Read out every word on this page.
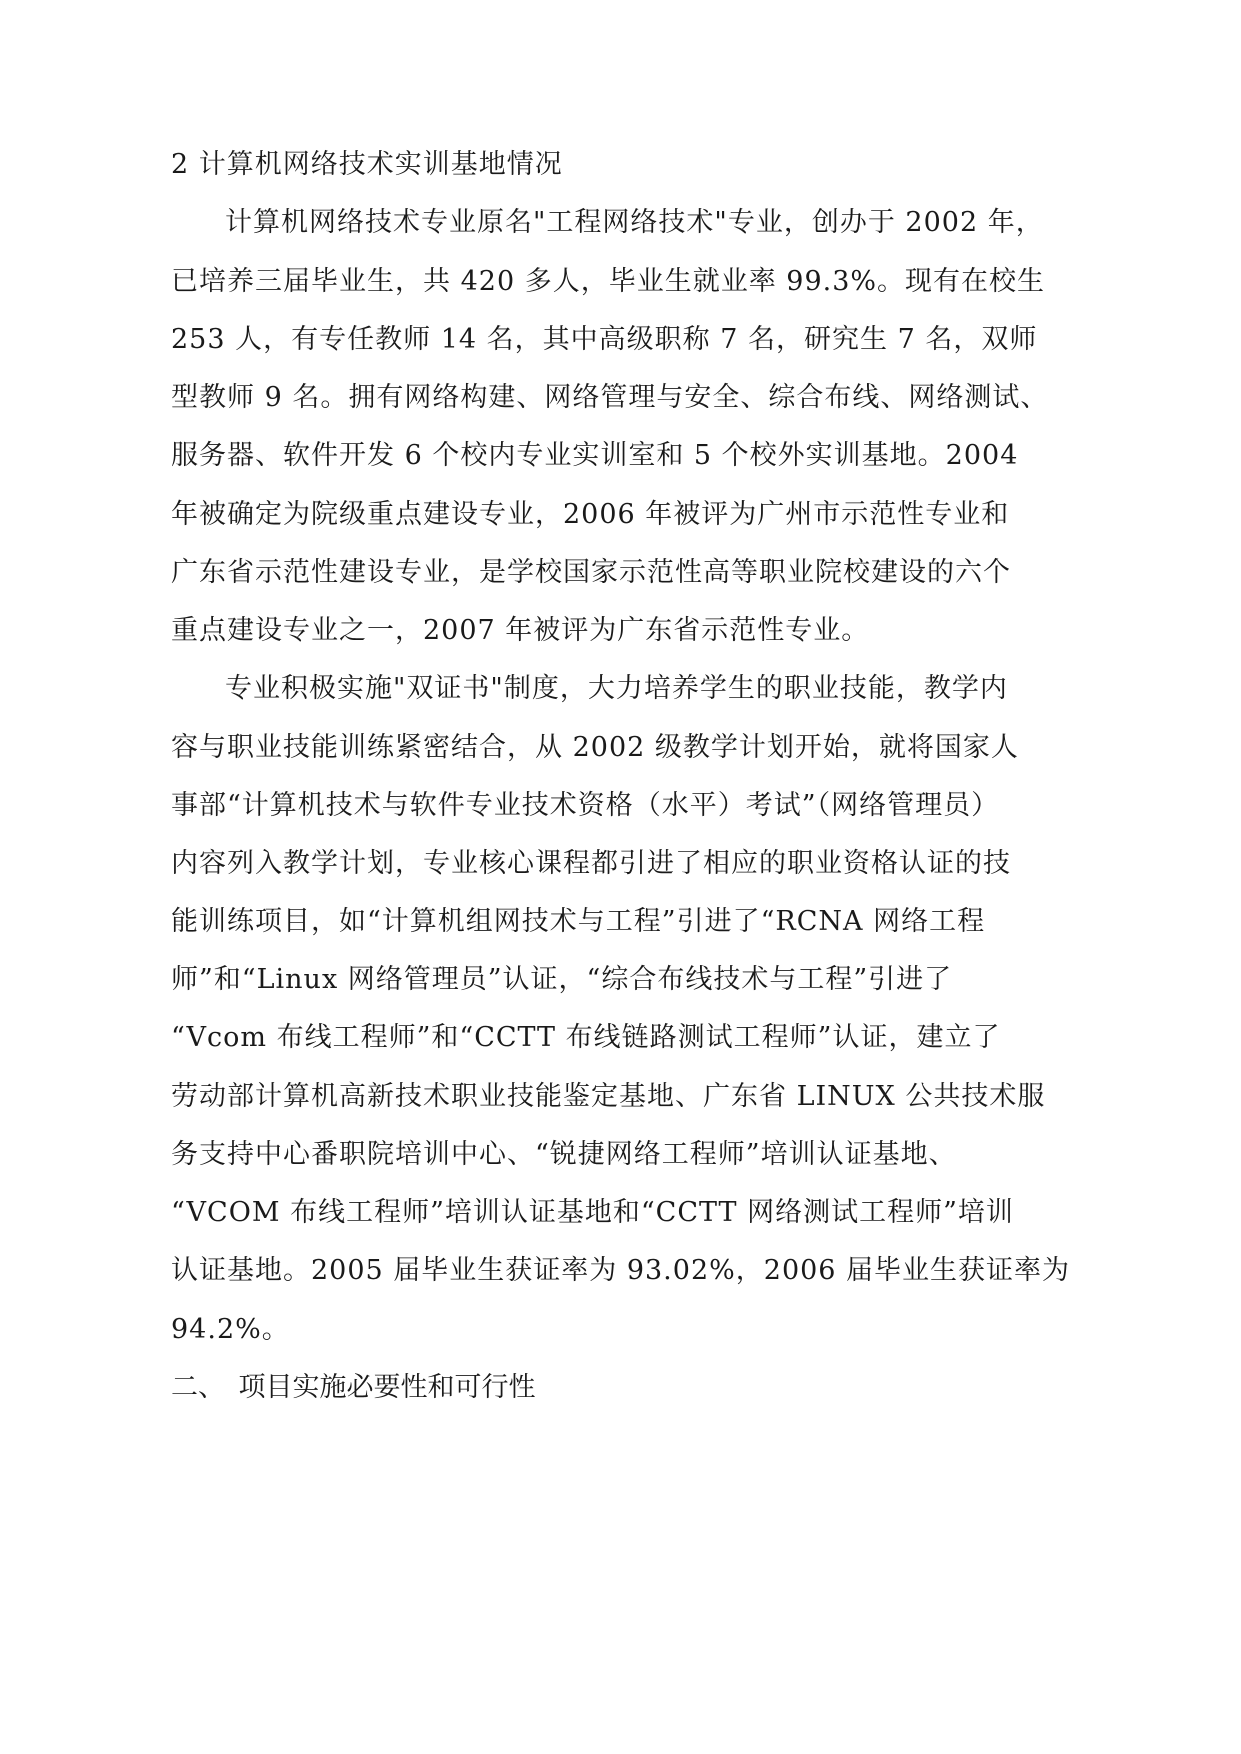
2 计算机网络技术实训基地情况
计算机网络技术专业原名"工程网络技术"专业，创办于 2002 年，
已培养三届毕业生，共 420 多人，毕业生就业率 99.3%。现有在校生
253 人，有专任教师 14 名，其中高级职称 7 名，研究生 7 名，双师
型教师 9 名。拥有网络构建、网络管理与安全、综合布线、网络测试、
服务器、软件开发 6 个校内专业实训室和 5 个校外实训基地。2004
年被确定为院级重点建设专业，2006 年被评为广州市示范性专业和
广东省示范性建设专业，是学校国家示范性高等职业院校建设的六个
重点建设专业之一，2007 年被评为广东省示范性专业。
专业积极实施"双证书"制度，大力培养学生的职业技能，教学内
容与职业技能训练紧密结合，从 2002 级教学计划开始，就将国家人
事部“计算机技术与软件专业技术资格（水平）考试”（网络管理员）
内容列入教学计划，专业核心课程都引进了相应的职业资格认证的技
能训练项目，如“计算机组网技术与工程”引进了“RCNA 网络工程
师”和“Linux 网络管理员”认证，“综合布线技术与工程”引进了
“Vcom 布线工程师”和“CCTT 布线链路测试工程师”认证，建立了
劳动部计算机高新技术职业技能鉴定基地、广东省 LINUX 公共技术服
务支持中心番职院培训中心、“锐捷网络工程师”培训认证基地、
“VCOM 布线工程师”培训认证基地和“CCTT 网络测试工程师”培训
认证基地。2005 届毕业生获证率为 93.02%，2006 届毕业生获证率为
94.2%。
二、　项目实施必要性和可行性
